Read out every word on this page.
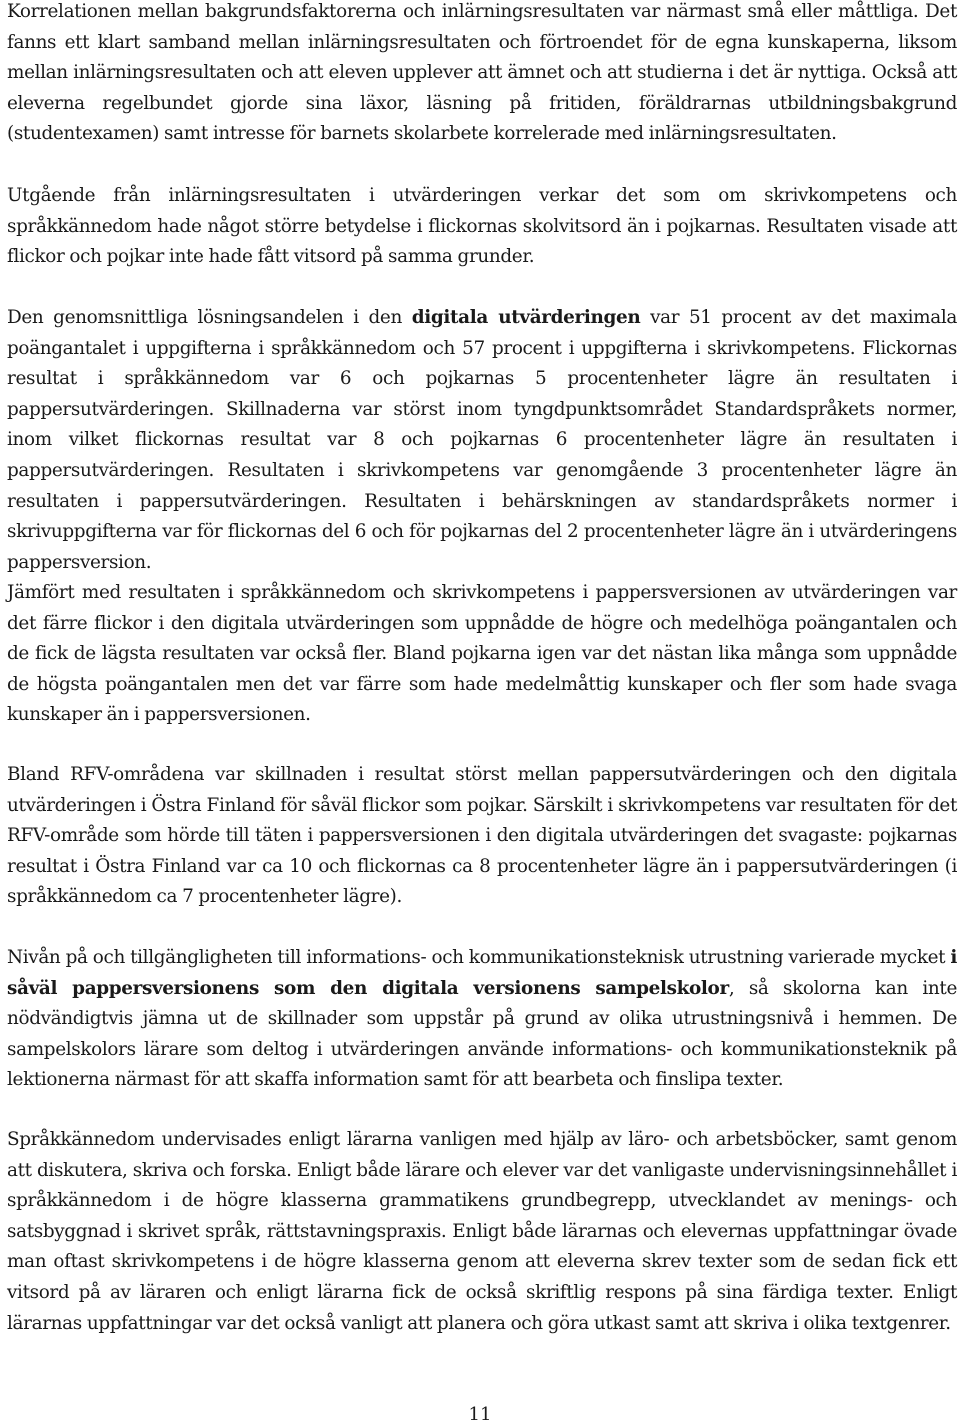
Korrelationen mellan bakgrundsfaktorerna och inlärningsresultaten var närmast små eller måttliga. Det fanns ett klart samband mellan inlärningsresultaten och förtroendet för de egna kunskaperna, liksom mellan inlärningsresultaten och att eleven upplever att ämnet och att studierna i det är nyttiga. Också att eleverna regelbundet gjorde sina läxor, läsning på fritiden, föräldrarnas utbildningsbakgrund (studentexamen) samt intresse för barnets skolarbete korrelerade med inlärningsresultaten.

Utgående från inlärningsresultaten i utvärderingen verkar det som om skrivkompetens och språkkännedom hade något större betydelse i flickornas skolvitsord än i pojkarnas. Resultaten visade att flickor och pojkar inte hade fått vitsord på samma grunder.

Den genomsnittliga lösningsandelen i den digitala utvärderingen var 51 procent av det maximala poängantalet i uppgifterna i språkkännedom och 57 procent i uppgifterna i skrivkompetens. Flickornas resultat i språkkännedom var 6 och pojkarnas 5 procentenheter lägre än resultaten i pappersutvärderingen. Skillnaderna var störst inom tyngdpunktsområdet Standardspråkets normer, inom vilket flickornas resultat var 8 och pojkarnas 6 procentenheter lägre än resultaten i pappersutvärderingen. Resultaten i skrivkompetens var genomgående 3 procentenheter lägre än resultaten i pappersutvärderingen. Resultaten i behärskningen av standardspråkets normer i skrivuppgifterna var för flickornas del 6 och för pojkarnas del 2 procentenheter lägre än i utvärderingens pappersversion.

Jämfört med resultaten i språkkännedom och skrivkompetens i pappersversionen av utvärderingen var det färre flickor i den digitala utvärderingen som uppnådde de högre och medelhöga poängantalen och de fick de lägsta resultaten var också fler. Bland pojkarna igen var det nästan lika många som uppnådde de högsta poängantalen men det var färre som hade medelmåttig kunskaper och fler som hade svaga kunskaper än i pappersversionen.

Bland RFV-områdena var skillnaden i resultat störst mellan pappersutvärderingen och den digitala utvärderingen i Östra Finland för såväl flickor som pojkar. Särskilt i skrivkompetens var resultaten för det RFV-område som hörde till täten i pappersversionen i den digitala utvärderingen det svagaste: pojkarnas resultat i Östra Finland var ca 10 och flickornas ca 8 procentenheter lägre än i pappersutvärderingen (i språkkännedom ca 7 procentenheter lägre).

Nivån på och tillgängligheten till informations- och kommunikationsteknisk utrustning varierade mycket i såväl pappersversionens som den digitala versionens sampelskolor, så skolorna kan inte nödvändigtvis jämna ut de skillnader som uppstår på grund av olika utrustningsnivå i hemmen. De sampelskolors lärare som deltog i utvärderingen använde informations- och kommunikationsteknik på lektionerna närmast för att skaffa information samt för att bearbeta och finslipa texter.

Språkkännedom undervisades enligt lärarna vanligen med hjälp av läro- och arbetsböcker, samt genom att diskutera, skriva och forska. Enligt både lärare och elever var det vanligaste undervisningsinnehållet i språkkännedom i de högre klasserna grammatikens grundbegrepp, utvecklandet av menings- och satsbyggnad i skrivet språk, rättstavningspraxis. Enligt både lärarnas och elevernas uppfattningar övade man oftast skrivkompetens i de högre klasserna genom att eleverna skrev texter som de sedan fick ett vitsord på av läraren och enligt lärarna fick de också skriftlig respons på sina färdiga texter. Enligt lärarnas uppfattningar var det också vanligt att planera och göra utkast samt att skriva i olika textgenrer.

11
